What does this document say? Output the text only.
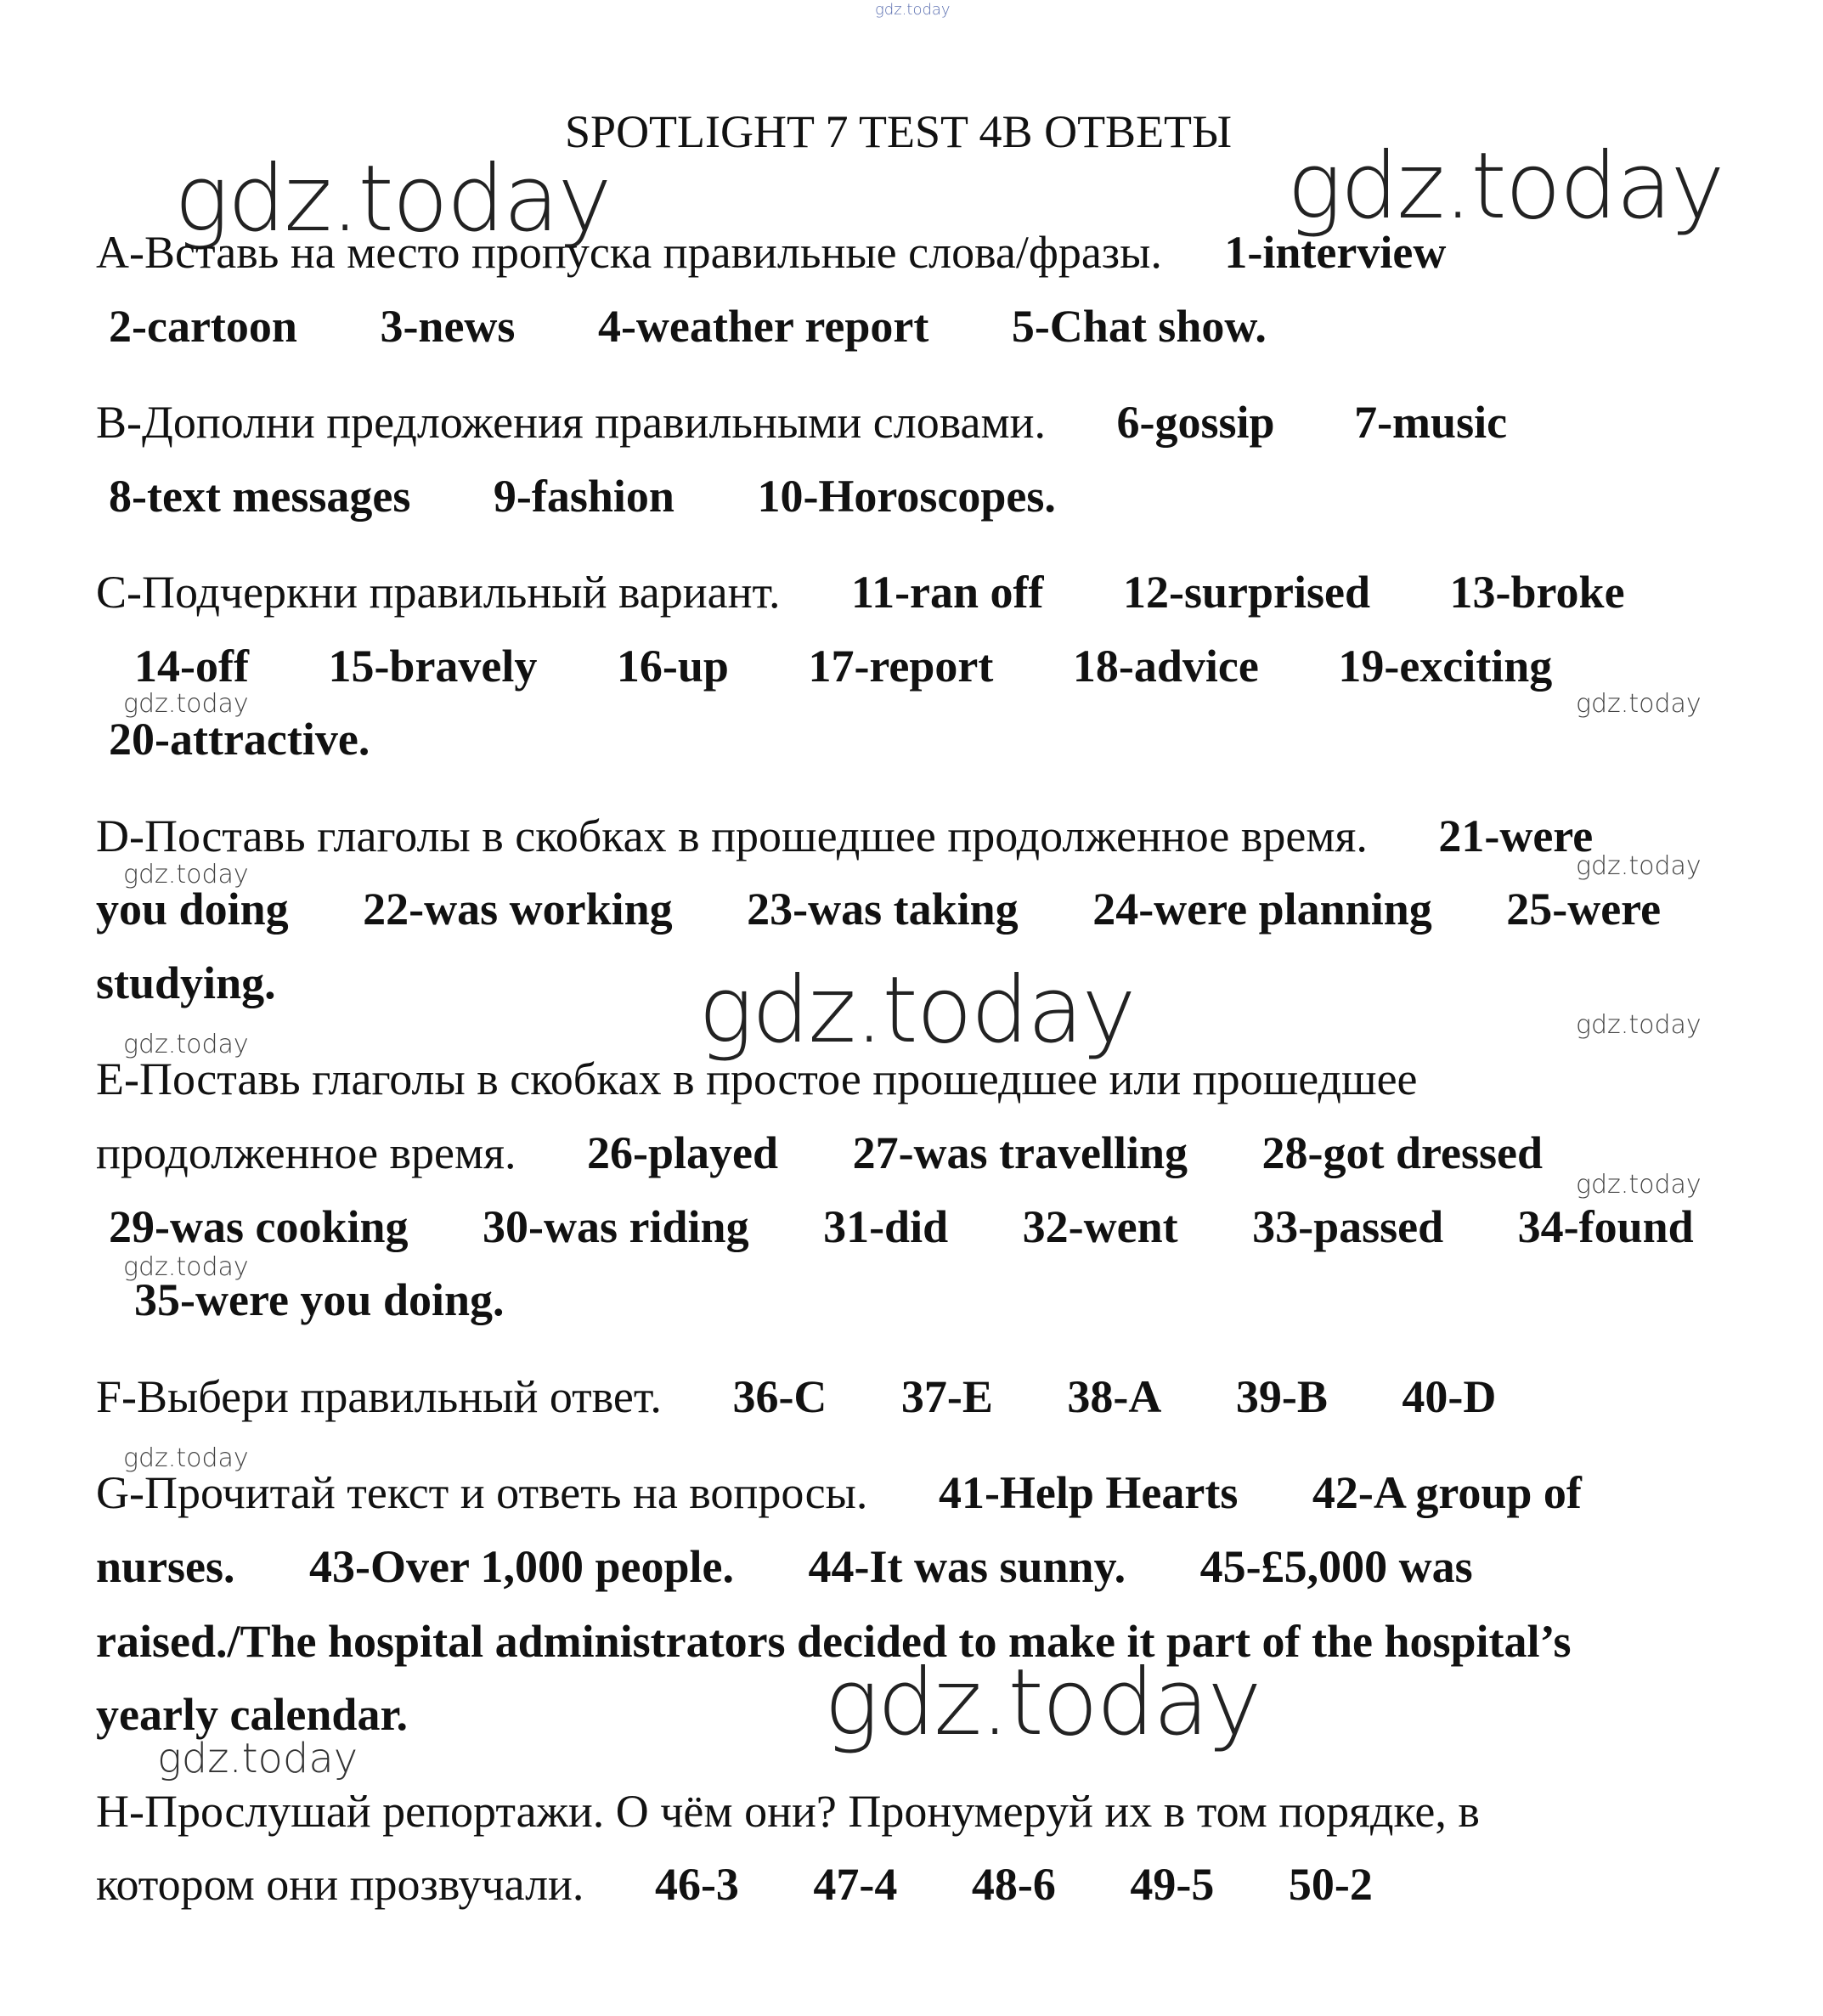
gdz.today
gdz.today	gdz.today
gdz.today	gdz.today
gdz.today	gdz.today
gdz.today
gdz.today
gdz.today
gdz.today
gdz.today
gdz.today
gdz.today
gdz.today
SPOTLIGHT 7 TEST 4B ОТВЕТЫ
A-Вставь на место пропуска правильные слова/фразы. 1-interview
2-cartoon 3-news 4-weather report 5-Chat show.
B-Дополни предложения правильными словами. 6-gossip 7-music
8-text messages 9-fashion 10-Horoscopes.
C-Подчеркни правильный вариант. 11-ran off 12-surprised 13-broke
14-off 15-bravely 16-up 17-report 18-advice 19-exciting
20-attractive.
D-Поставь глаголы в скобках в прошедшее продолженное время. 21-were
you doing 22-was working 23-was taking 24-were planning 25-were
studying.
E-Поставь глаголы в скобках в простое прошедшее или прошедшее
продолженное время. 26-played 27-was travelling 28-got dressed
29-was cooking 30-was riding 31-did 32-went 33-passed 34-found
35-were you doing.
F-Выбери правильный ответ. 36-C 37-E 38-A 39-B 40-D
G-Прочитай текст и ответь на вопросы. 41-Help Hearts 42-A group of
nurses. 43-Over 1,000 people. 44-It was sunny. 45-£5,000 was
raised./The hospital administrators decided to make it part of the hospital’s
yearly calendar.
H-Прослушай репортажи. О чём они? Пронумеруй их в том порядке, в
котором они прозвучали. 46-3 47-4 48-6 49-5 50-2
